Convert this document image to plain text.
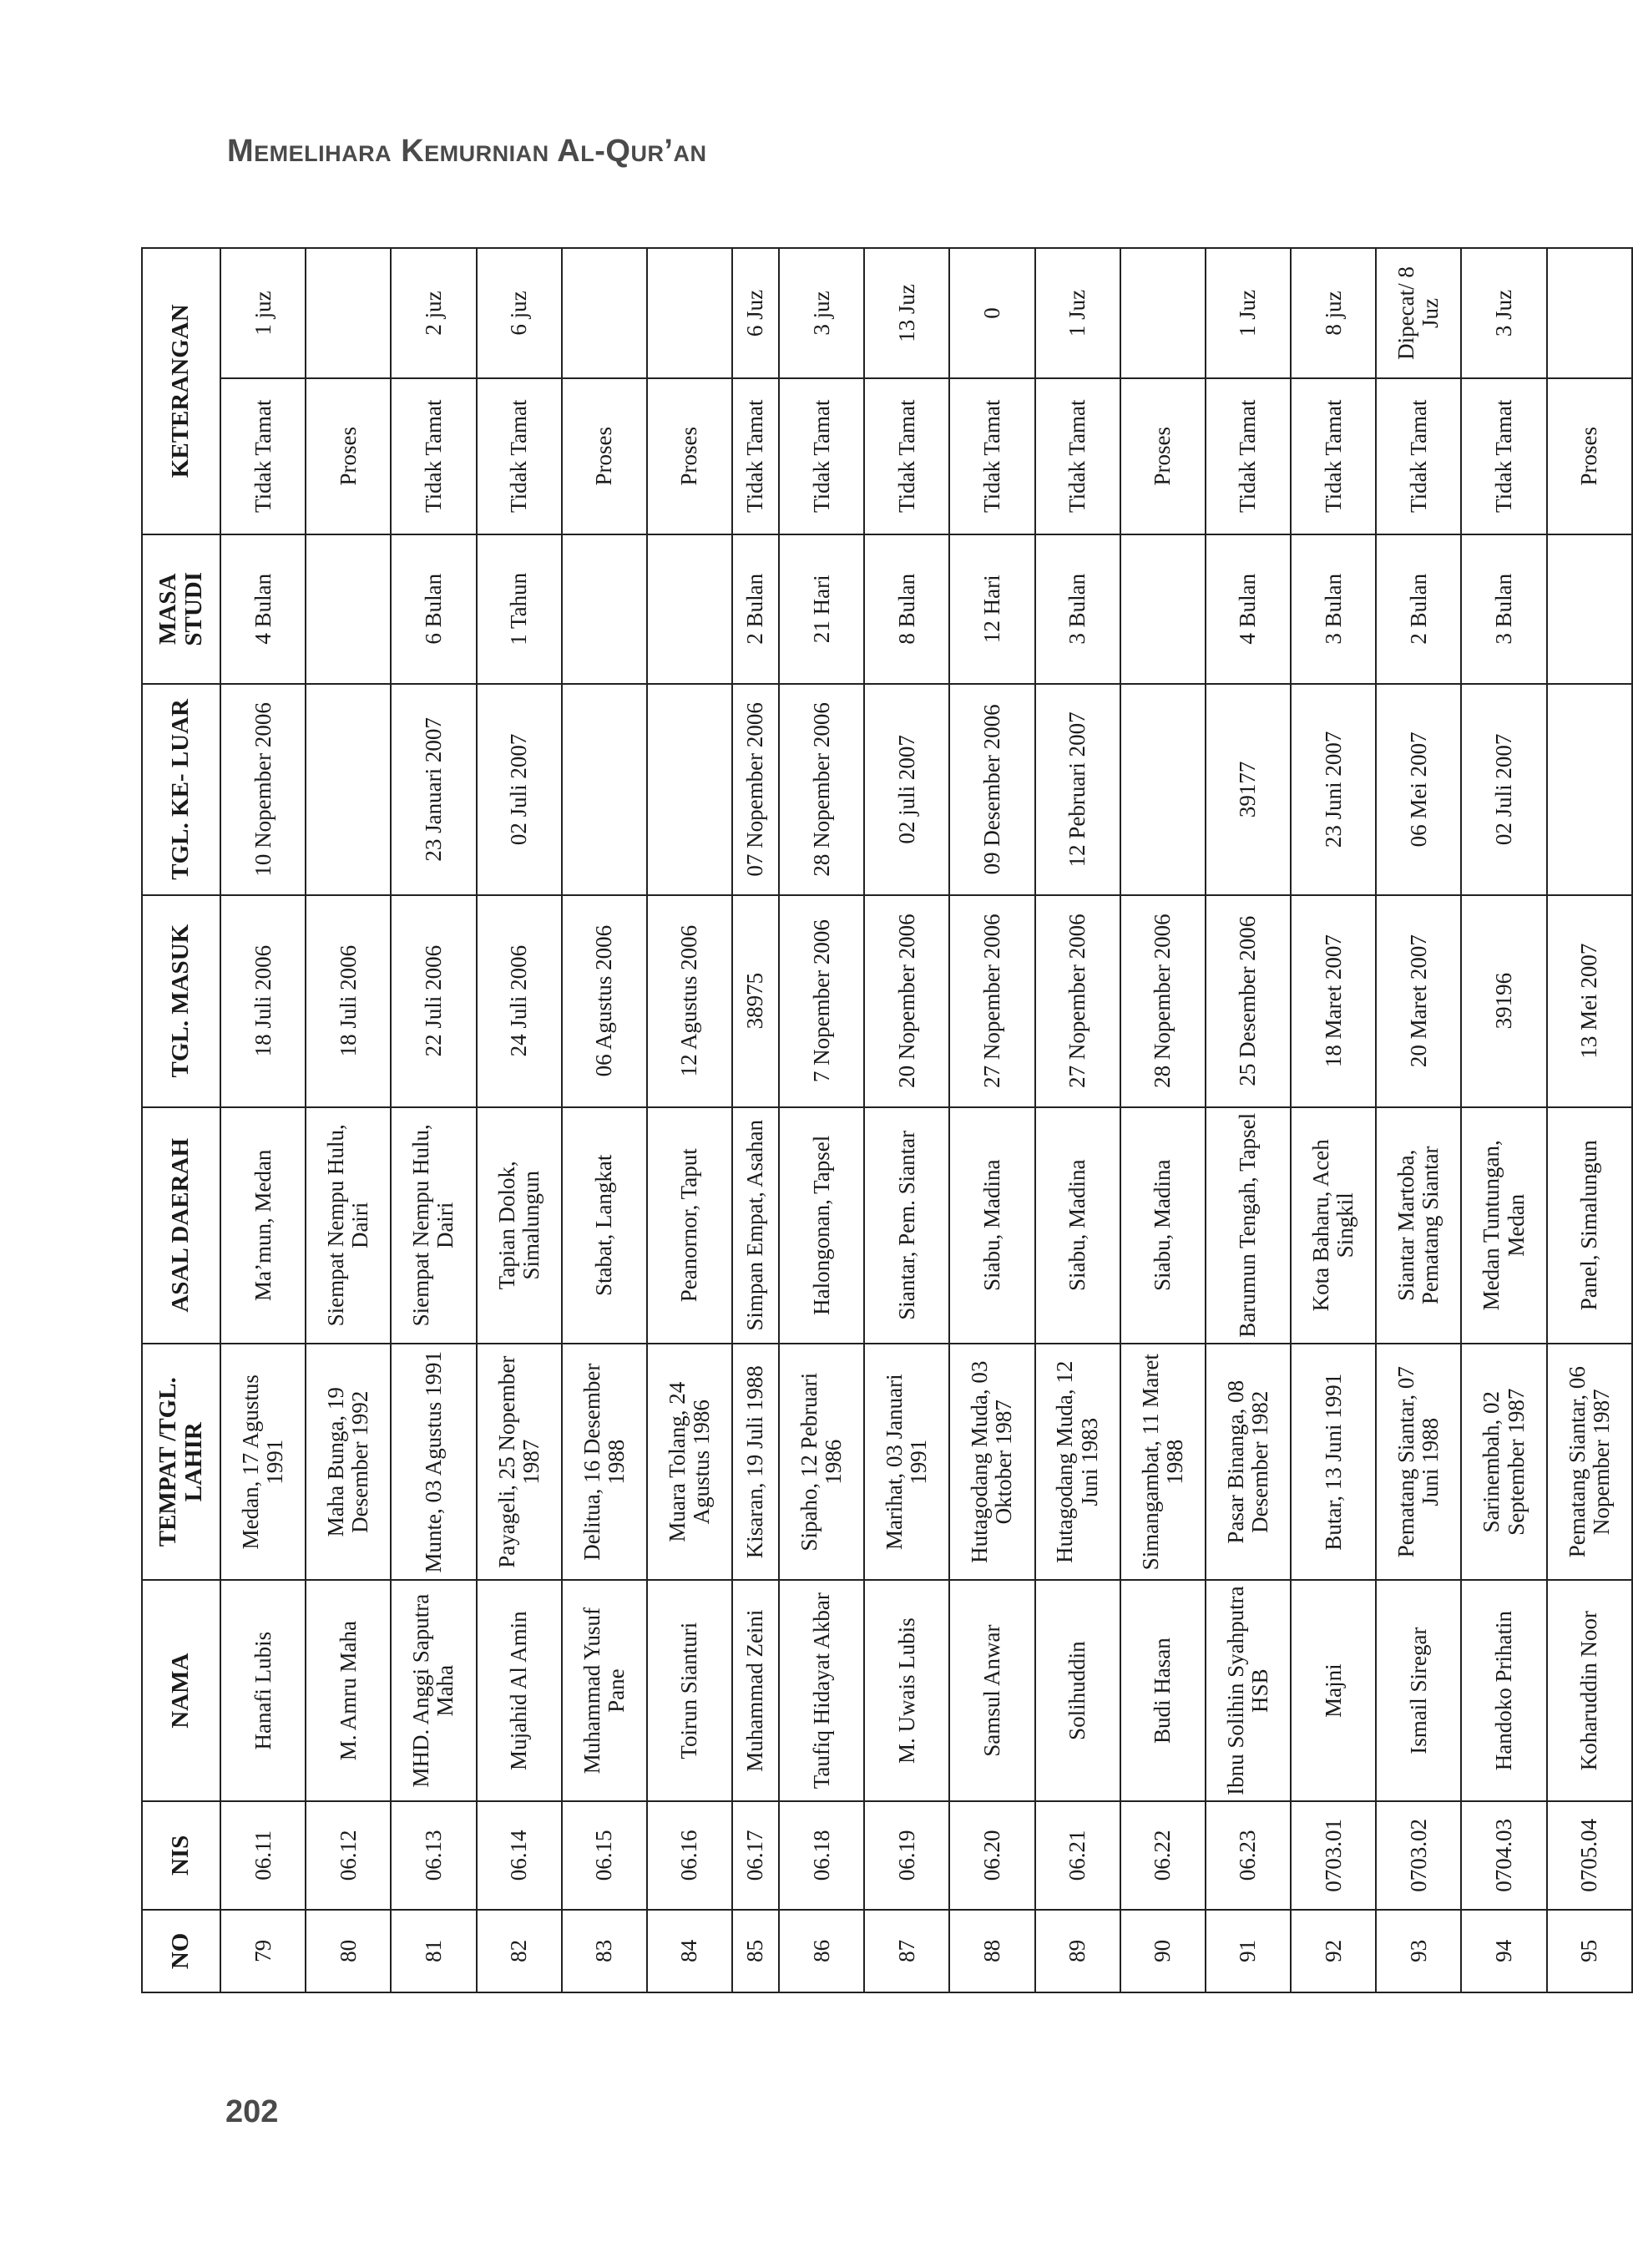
Memelihara Kemurnian Al-Qur’an
NO	NIS	NAMA	TEMPAT /TGL. LAHIR	ASAL DAERAH	TGL. MASUK	TGL. KE- LUAR	MASA STUDI	KETERANGAN	
79	06.11	Hanafi Lubis	Medan, 17 Agustus 1991	Ma’mun, Medan	18 Juli 2006	10 Nopember 2006	4 Bulan	Tidak Tamat	1 juz
80	06.12	M. Amru Maha	Maha Bunga, 19 Desember 1992	Siempat Nempu Hulu, Dairi	18 Juli 2006			Proses	
81	06.13	MHD. Anggi Saputra Maha	Munte, 03 Agustus 1991	Siempat Nempu Hulu, Dairi	22 Juli 2006	23 Januari 2007	6 Bulan	Tidak Tamat	2 juz
82	06.14	Mujahid Al Amin	Payageli, 25 Nopember 1987	Tapian Dolok, Simalungun	24 Juli 2006	02 Juli 2007	1 Tahun	Tidak Tamat	6 juz
83	06.15	Muhammad Yusuf Pane	Delitua, 16 Desember 1988	Stabat, Langkat	06 Agustus 2006			Proses	
84	06.16	Toirun Sianturi	Muara Tolang, 24 Agustus 1986	Peanornor, Taput	12 Agustus 2006			Proses	
85	06.17	Muhammad Zeini	Kisaran, 19 Juli 1988	Simpan Empat, Asahan	38975	07 Nopember 2006	2 Bulan	Tidak Tamat	6 Juz
86	06.18	Taufiq Hidayat Akbar	Sipaho, 12 Pebruari 1986	Halongonan, Tapsel	7 Nopember 2006	28 Nopember 2006	21 Hari	Tidak Tamat	3 juz
87	06.19	M. Uwais Lubis	Marihat, 03 Januari 1991	Siantar, Pem. Siantar	20 Nopember 2006	02 juli 2007	8 Bulan	Tidak Tamat	13 Juz
88	06.20	Samsul Anwar	Hutagodang Muda, 03 Oktober 1987	Siabu, Madina	27 Nopember 2006	09 Desember 2006	12 Hari	Tidak Tamat	0
89	06.21	Solihuddin	Hutagodang Muda, 12 Juni 1983	Siabu, Madina	27 Nopember 2006	12 Pebruari 2007	3 Bulan	Tidak Tamat	1 Juz
90	06.22	Budi Hasan	Simangambat, 11 Maret 1988	Siabu, Madina	28 Nopember 2006			Proses	
91	06.23	Ibnu Solihin Syahputra HSB	Pasar Binanga, 08 Desember 1982	Barumun Tengah, Tapsel	25 Desember 2006	39177	4 Bulan	Tidak Tamat	1 Juz
92	0703.01	Majni	Butar, 13 Juni 1991	Kota Baharu, Aceh Singkil	18 Maret 2007	23 Juni 2007	3 Bulan	Tidak Tamat	8 juz
93	0703.02	Ismail Siregar	Pematang Siantar, 07 Juni 1988	Siantar Martoba, Pematang Siantar	20 Maret 2007	06 Mei 2007	2 Bulan	Tidak Tamat	Dipecat/ 8 Juz
94	0704.03	Handoko Prihatin	Sarinembah, 02 September 1987	Medan Tuntungan, Medan	39196	02 Juli 2007	3 Bulan	Tidak Tamat	3 Juz
95	0705.04	Koharuddin Noor	Pematang Siantar, 06 Nopember 1987	Panel, Simalungun	13 Mei 2007			Proses	
202
